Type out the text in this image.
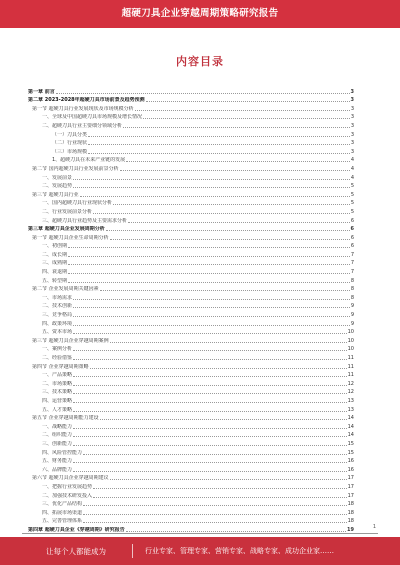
超硬刀具企业穿越周期策略研究报告
内容目录
第一章 前言	3
第二章 2023-2028年超硬刀具市场前景及趋势预测	3
第一节 超硬刀具行业发展现状及市场规模分析	3
一、全球及中国超硬刀具市场规模及增长情况	3
二、超硬刀具行业主要细分领域分析	3
（一）刀具分类	3
（二）行业现状	3
（三）市场规模	3
1、超硬刀具在未来产业链的发展	4
第二节 国内超硬刀具行业发展前景分析	4
一、发展前景	4
二、发展趋势	5
第三节 超硬刀具行业	5
一、国内超硬刀具行业现状分析	5
二、行业发展前景分析	5
三、超硬刀具行业趋势及主要需求分析	6
第三章 超硬刀具企业发展周期分析	6
第一节 超硬刀具企业生命周期分析	6
一、初创期	6
二、成长期	7
三、成熟期	7
四、衰退期	7
五、转型期	8
第二节 企业发展周期关键因素	8
一、市场需求	8
二、技术创新	9
三、竞争格局	9
四、政策环境	9
五、资本市场	10
第三节 超硬刀具企业穿越周期案例	10
一、案例分析	10
二、经验借鉴	11
第四节 企业穿越周期策略	11
一、产品策略	11
二、市场策略	12
三、技术策略	12
四、运营策略	13
五、人才策略	13
第五节 企业穿越周期能力建设	14
一、战略能力	14
二、组织能力	14
三、创新能力	15
四、风险管控能力	15
五、财务能力	16
六、品牌能力	16
第六节 超硬刀具企业穿越周期建议	17
一、把握行业发展趋势	17
二、加强技术研发投入	17
三、优化产品结构	18
四、拓展市场渠道	18
五、完善管理体系	18
第四章 超硬刀具企业《穿越周期》研究报告	19	1
让每个人都能成为	行业专家、管理专家、营销专家、战略专家、成功企业家……
